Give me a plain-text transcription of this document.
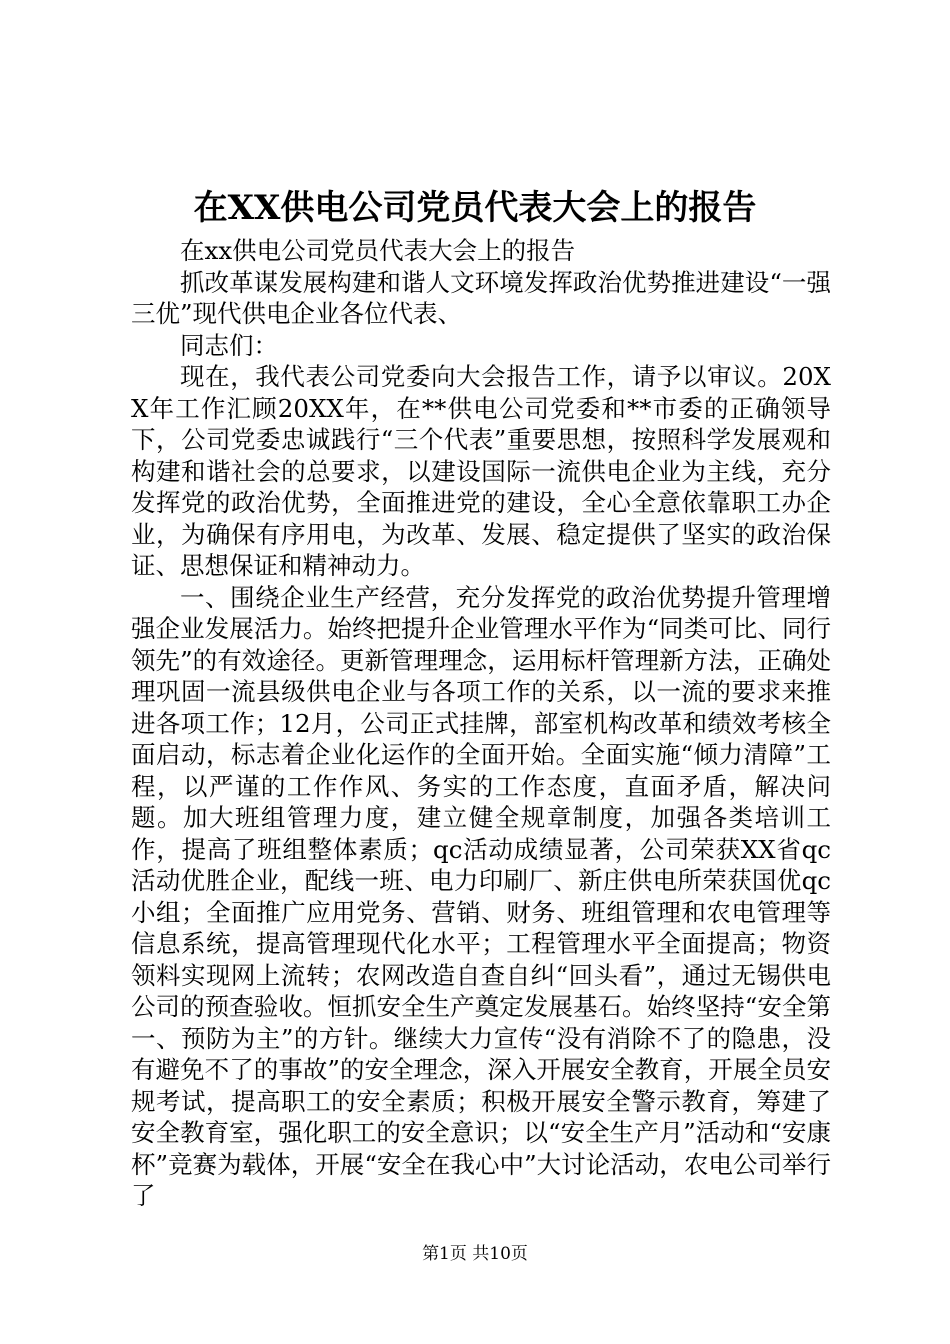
在XX供电公司党员代表大会上的报告

在xx供电公司党员代表大会上的报告

抓改革谋发展构建和谐人文环境发挥政治优势推进建设“一强三优”现代供电企业各位代表、

同志们：

现在，我代表公司党委向大会报告工作，请予以审议。20XX年工作汇顾20XX年，在**供电公司党委和**市委的正确领导下，公司党委忠诚践行“三个代表”重要思想，按照科学发展观和构建和谐社会的总要求，以建设国际一流供电企业为主线，充分发挥党的政治优势，全面推进党的建设，全心全意依靠职工办企业，为确保有序用电，为改革、发展、稳定提供了坚实的政治保证、思想保证和精神动力。

一、围绕企业生产经营，充分发挥党的政治优势提升管理增强企业发展活力。始终把提升企业管理水平作为“同类可比、同行领先”的有效途径。更新管理理念，运用标杆管理新方法，正确处理巩固一流县级供电企业与各项工作的关系，以一流的要求来推进各项工作；12月，公司正式挂牌，部室机构改革和绩效考核全面启动，标志着企业化运作的全面开始。全面实施“倾力清障”工程，以严谨的工作作风、务实的工作态度，直面矛盾，解决问题。加大班组管理力度，建立健全规章制度，加强各类培训工作，提高了班组整体素质；qc活动成绩显著，公司荣获XX省qc活动优胜企业，配线一班、电力印刷厂、新庄供电所荣获国优qc小组；全面推广应用党务、营销、财务、班组管理和农电管理等信息系统，提高管理现代化水平；工程管理水平全面提高；物资领料实现网上流转；农网改造自查自纠“回头看”，通过无锡供电公司的预查验收。恒抓安全生产奠定发展基石。始终坚持“安全第一、预防为主”的方针。继续大力宣传“没有消除不了的隐患，没有避免不了的事故”的安全理念，深入开展安全教育，开展全员安规考试，提高职工的安全素质；积极开展安全警示教育，筹建了安全教育室，强化职工的安全意识；以“安全生产月”活动和“安康杯”竞赛为载体，开展“安全在我心中”大讨论活动，农电公司举行了

第1页 共10页
